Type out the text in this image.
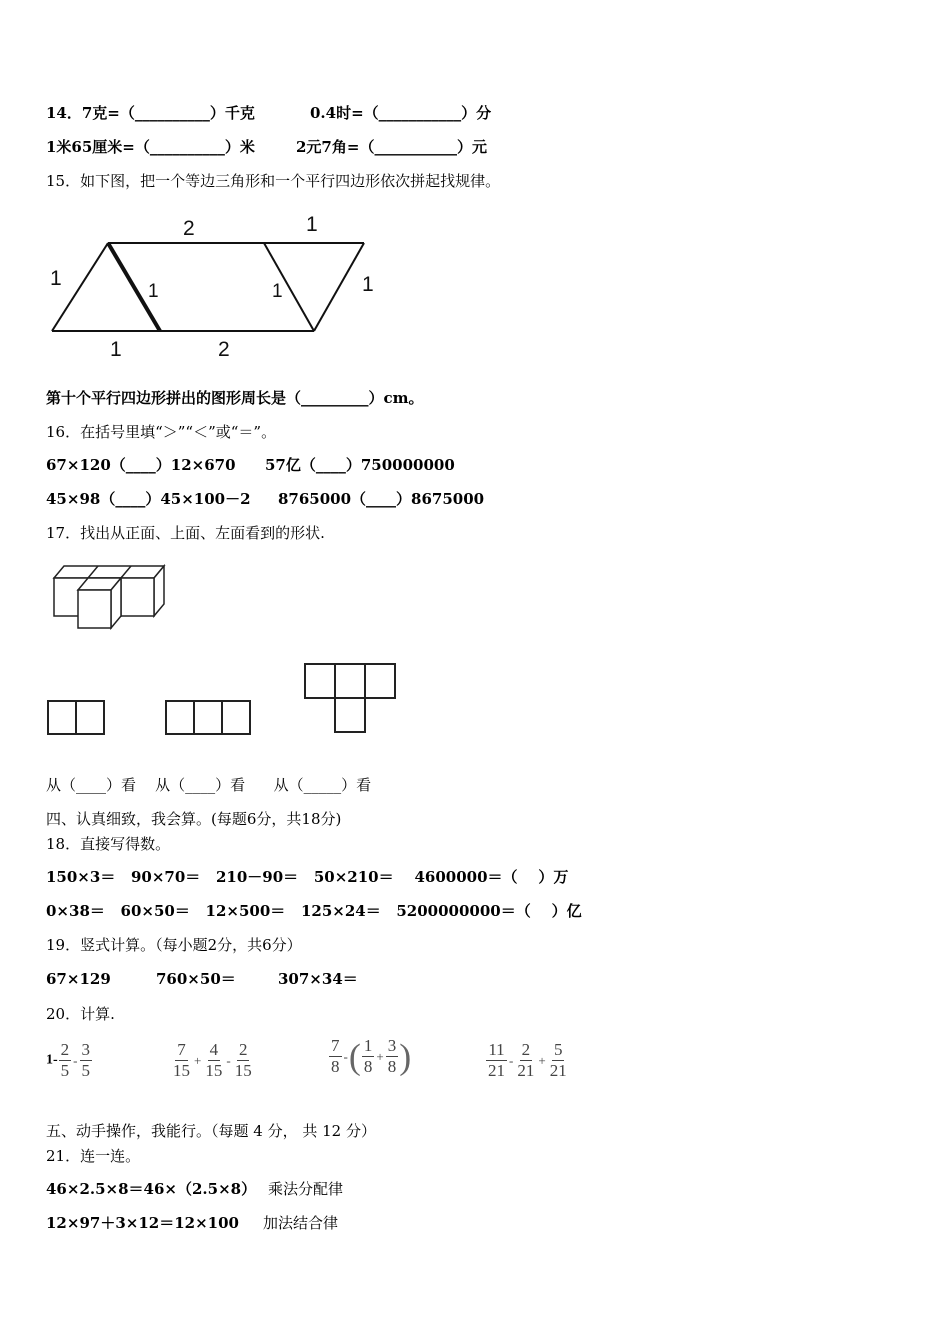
14．7克=（__________）千克	0.4时=（___________）分
1米65厘米=（__________）米	2元7角=（___________）元
15．如下图，把一个等边三角形和一个平行四边形依次拼起找规律。
2	1
1
1	1	1
1	2
第十个平行四边形拼出的图形周长是（_________）cm。
16．在括号里填“＞”“＜”或“＝”。
67×120（____）12×670 57亿（____）750000000
45×98（____）45×100－2 8765000（____）8675000
17．找出从正面、上面、左面看到的形状.
从（____）看    从（____）看      从（_____）看
四、认真细致，我会算。(每题6分，共18分)
18．直接写得数。
150×3＝   90×70＝   210－90＝   50×210＝    4600000＝（    ）万
0×38＝   60×50＝   12×500＝   125×24＝   5200000000＝（    ）亿
19．竖式计算。（每小题2分，共6分）
67×129	760×50＝	307×34＝
20．计算.
$1- \frac{2}{5} - \frac{3}{5}$	$\frac{7}{15} + \frac{4}{15} - \frac{2}{15}$	$\frac{7}{8}$ -( $\frac{1}{8} + \frac{3}{8}$ )	$\frac{11}{21} - \frac{2}{21} + \frac{5}{21}$
五、动手操作，我能行。（每题 4 分， 共 12 分）
21．连一连。
46×2.5×8＝46×（2.5×8） 乘法分配律
12×97＋3×12＝12×100 加法结合律
